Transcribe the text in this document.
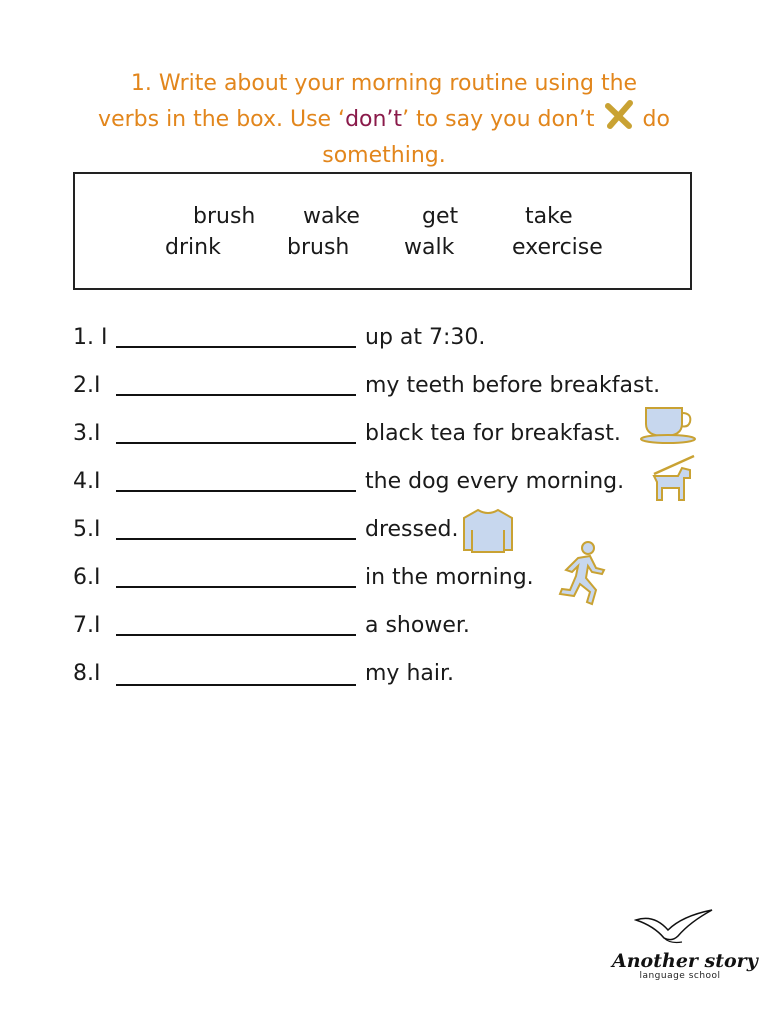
1. Write about your morning routine using the
verbs in the box. Use ‘don’t’ to say you don’t do
something.
brush wake	get	take
drink	brush walk	exercise
1. I	up at 7:30.
2.I	my teeth before breakfast.
3.I	black tea for breakfast.
4.I	the dog every morning.
5.I	dressed.
6.I	in the morning.
7.I	a shower.
8.I	my hair.
Another story
language school
